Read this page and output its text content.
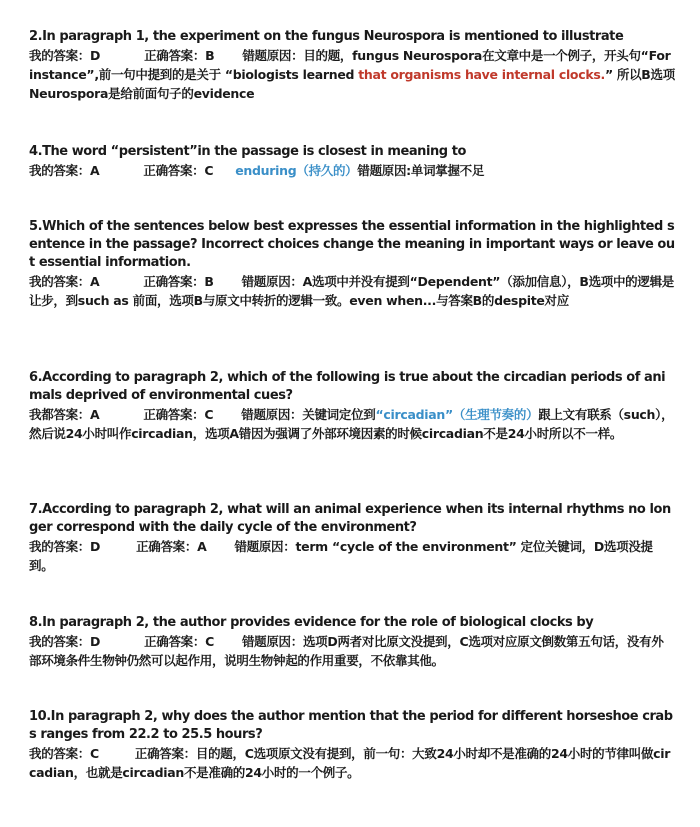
2.In paragraph 1, the experiment on the fungus Neurospora is mentioned to illustrate

我的答案：D	正确答案：B 错题原因：目的题，fungus Neurospora在文章中是一个例子，开头句“For instance”,前一句中提到的是关于 “biologists learned that organisms have internal clocks.” 所以B选项Neurospora是给前面句子的evidence

4.The word “persistent”in the passage is closest in meaning to

我的答案：A	正确答案：C enduring（持久的）错题原因:单词掌握不足

5.Which of the sentences below best expresses the essential information in the highlighted sentence in the passage? Incorrect choices change the meaning in important ways or leave out essential information.

我的答案：A	正确答案：B 错题原因：A选项中并没有提到“Dependent”（添加信息），B选项中的逻辑是让步，到such as 前面，选项B与原文中转折的逻辑一致。even when...与答案B的despite对应

6.According to paragraph 2, which of the following is true about the circadian periods of animals deprived of environmental cues?

我都答案：A	正确答案：C 错题原因：关键词定位到“circadian”（生理节奏的）跟上文有联系（such），然后说24小时叫作circadian，选项A错因为强调了外部环境因素的时候circadian不是24小时所以不一样。

7.According to paragraph 2, what will an animal experience when its internal rhythms no longer correspond with the daily cycle of the environment?

我的答案：D	正确答案：A 错题原因：term “cycle of the environment” 定位关键词，D选项没提到。

8.In paragraph 2, the author provides evidence for the role of biological clocks by

我的答案：D	正确答案：C 错题原因：选项D两者对比原文没提到，C选项对应原文倒数第五句话，没有外部环境条件生物钟仍然可以起作用，说明生物钟起的作用重要，不依靠其他。

10.In paragraph 2, why does the author mention that the period for different horseshoe crabs ranges from 22.2 to 25.5 hours?

我的答案：C	正确答案：目的题，C选项原文没有提到，前一句：大致24小时却不是准确的24小时的节律叫做circadian，也就是circadian不是准确的24小时的一个例子。
